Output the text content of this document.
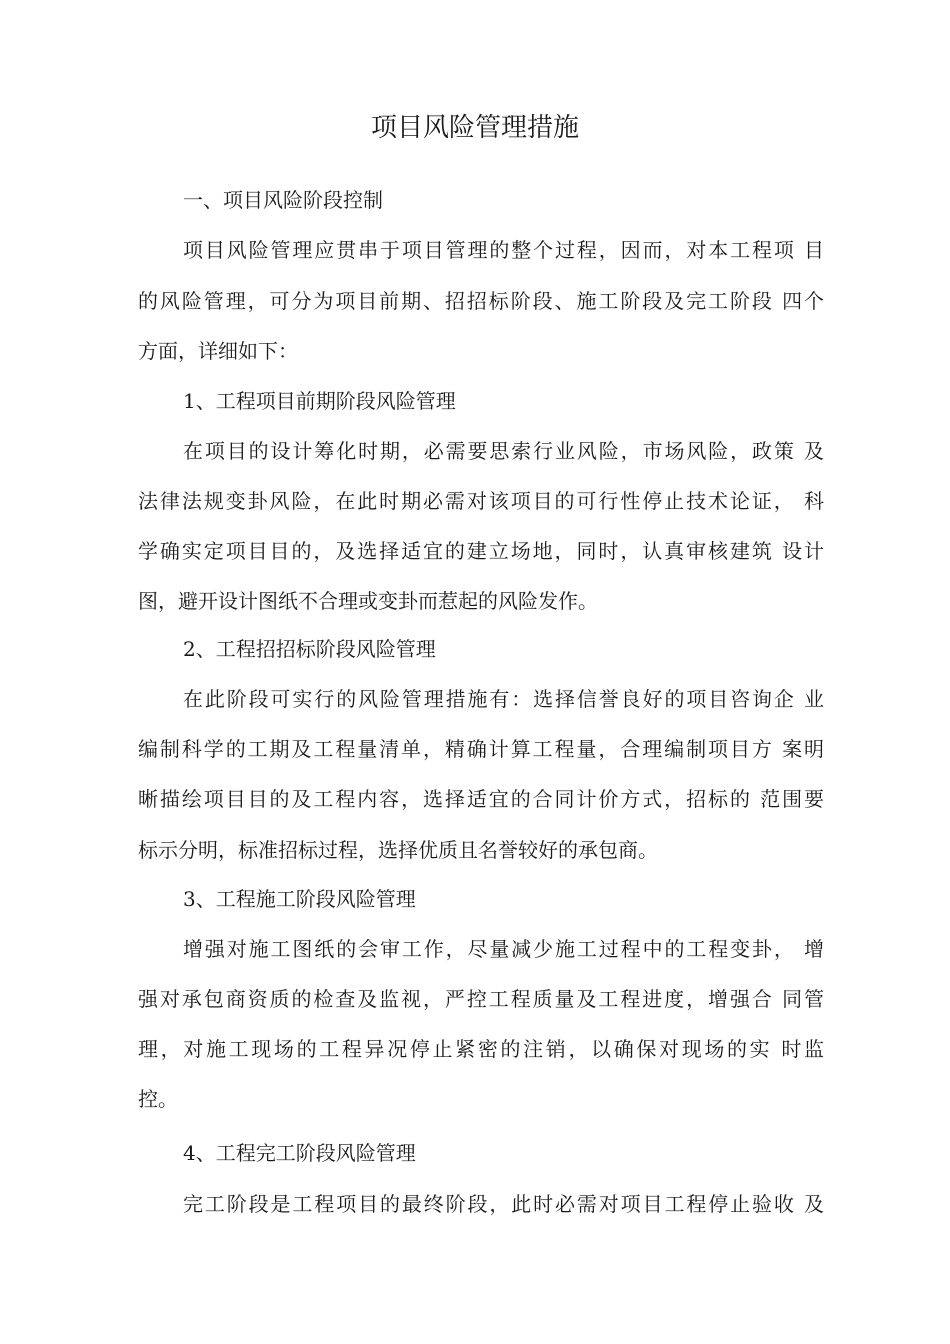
项目风险管理措施
一、项目风险阶段控制
项目风险管理应贯串于项目管理的整个过程，因而，对本工程项 目
的风险管理，可分为项目前期、招招标阶段、施工阶段及完工阶段 四个
方面，详细如下：
1、工程项目前期阶段风险管理
在项目的设计筹化时期，必需要思索行业风险，市场风险，政策 及
法律法规变卦风险，在此时期必需对该项目的可行性停止技术论证， 科
学确实定项目目的，及选择适宜的建立场地，同时，认真审核建筑 设计
图，避开设计图纸不合理或变卦而惹起的风险发作。
2、工程招招标阶段风险管理
在此阶段可实行的风险管理措施有：选择信誉良好的项目咨询企 业
编制科学的工期及工程量清单，精确计算工程量，合理编制项目方 案明
晰描绘项目目的及工程内容，选择适宜的合同计价方式，招标的 范围要
标示分明，标准招标过程，选择优质且名誉较好的承包商。
3、工程施工阶段风险管理
增强对施工图纸的会审工作，尽量减少施工过程中的工程变卦， 增
强对承包商资质的检查及监视，严控工程质量及工程进度，增强合 同管
理，对施工现场的工程异况停止紧密的注销，以确保对现场的实 时监
控。
4、工程完工阶段风险管理
完工阶段是工程项目的最终阶段，此时必需对项目工程停止验收 及
